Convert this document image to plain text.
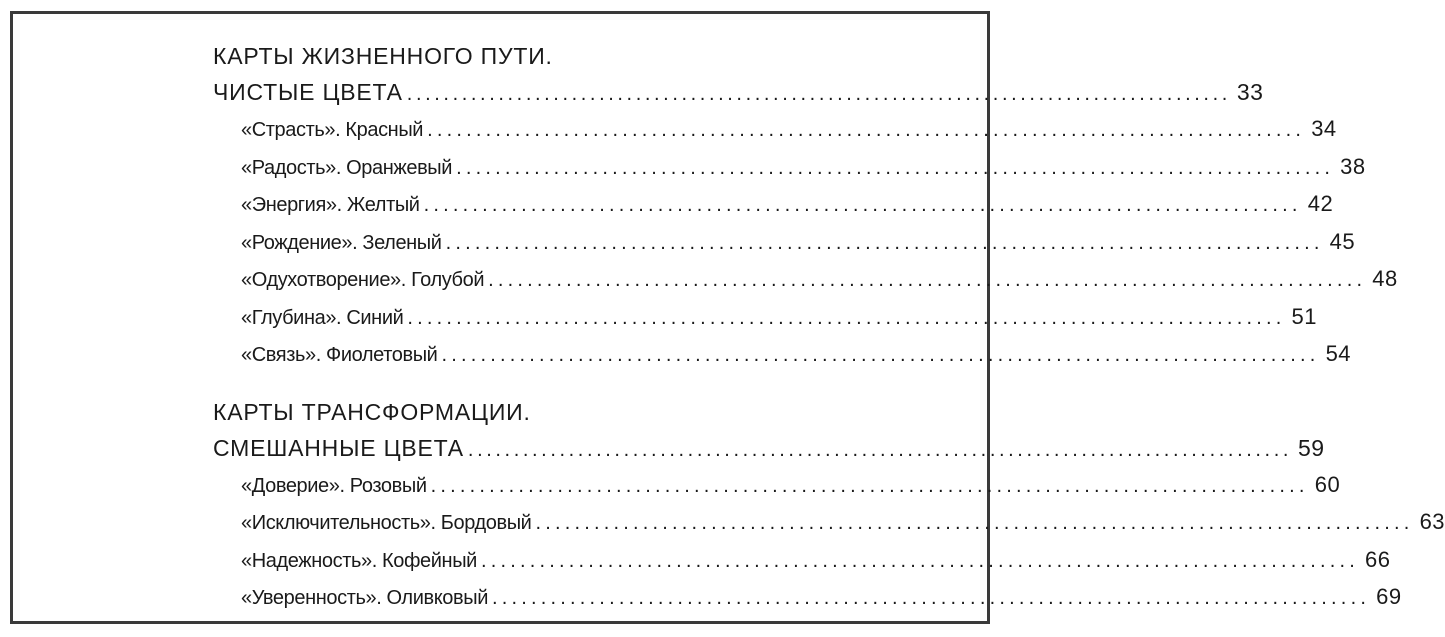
КАРТЫ ЖИЗНЕННОГО ПУТИ.
ЧИСТЫЕ ЦВЕТА .......................................................................................... 33
«Страсть». Красный .......................................................................................... 34
«Радость». Оранжевый .......................................................................................... 38
«Энергия». Желтый .......................................................................................... 42
«Рождение». Зеленый .......................................................................................... 45
«Одухотворение». Голубой .......................................................................................... 48
«Глубина». Синий .......................................................................................... 51
«Связь». Фиолетовый .......................................................................................... 54
КАРТЫ ТРАНСФОРМАЦИИ.
СМЕШАННЫЕ ЦВЕТА .......................................................................................... 59
«Доверие». Розовый .......................................................................................... 60
«Исключительность». Бордовый .......................................................................................... 63
«Надежность». Кофейный .......................................................................................... 66
«Уверенность». Оливковый .......................................................................................... 69
